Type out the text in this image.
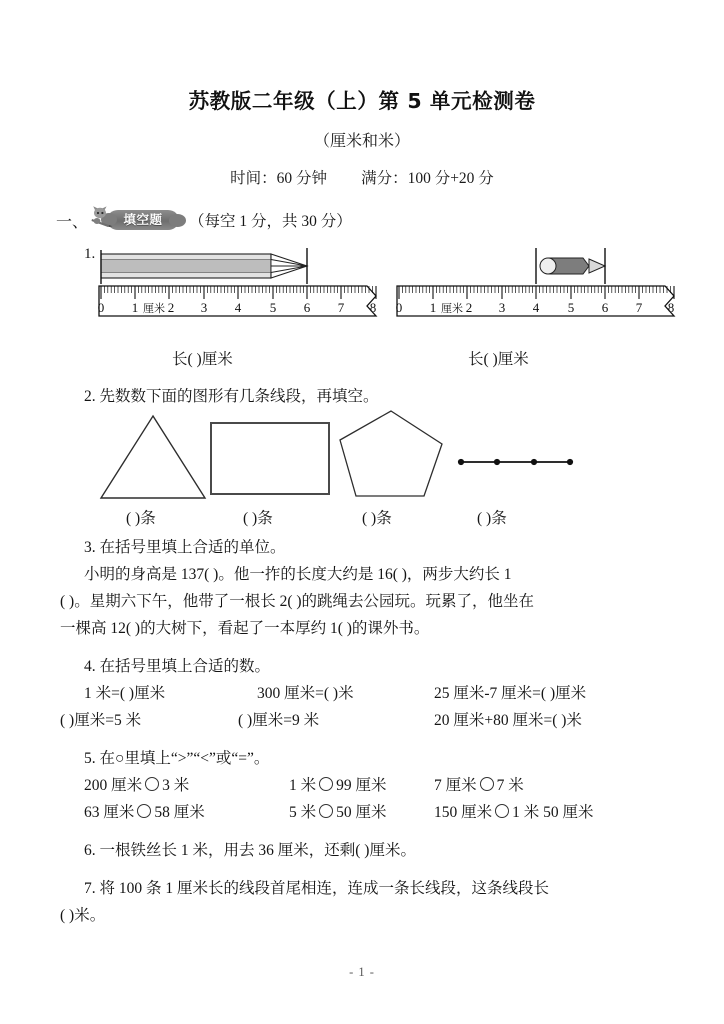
苏教版二年级（上）第 5 单元检测卷
（厘米和米）
时间：60 分钟 满分：100 分+20 分
一、	填空题	（每空 1 分，共 30 分）
1.
0 1 厘米 2 3 4 5 6 7 8 0 1 厘米 2 3 4 5 6 7 8
长( )厘米	长( )厘米
2. 先数数下面的图形有几条线段，再填空。
( )条	( )条	( )条	( )条
3. 在括号里填上合适的单位。
小明的身高是 137( )。他一拃的长度大约是 16( )，两步大约长 1
( )。星期六下午，他带了一根长 2( )的跳绳去公园玩。玩累了，他坐在
一棵高 12( )的大树下，看起了一本厚约 1( )的课外书。
4. 在括号里填上合适的数。
1 米=( )厘米	300 厘米=( )米	25 厘米-7 厘米=( )厘米
( )厘米=5 米	( )厘米=9 米	20 厘米+80 厘米=( )米
5. 在○里填上“>”“<”或“=”。
200 厘米 3 米	1 米 99 厘米	7 厘米 7 米
63 厘米 58 厘米	5 米 50 厘米	150 厘米 1 米 50 厘米
6. 一根铁丝长 1 米，用去 36 厘米，还剩( )厘米。
7. 将 100 条 1 厘米长的线段首尾相连，连成一条长线段，这条线段长
( )米。
- 1 -
